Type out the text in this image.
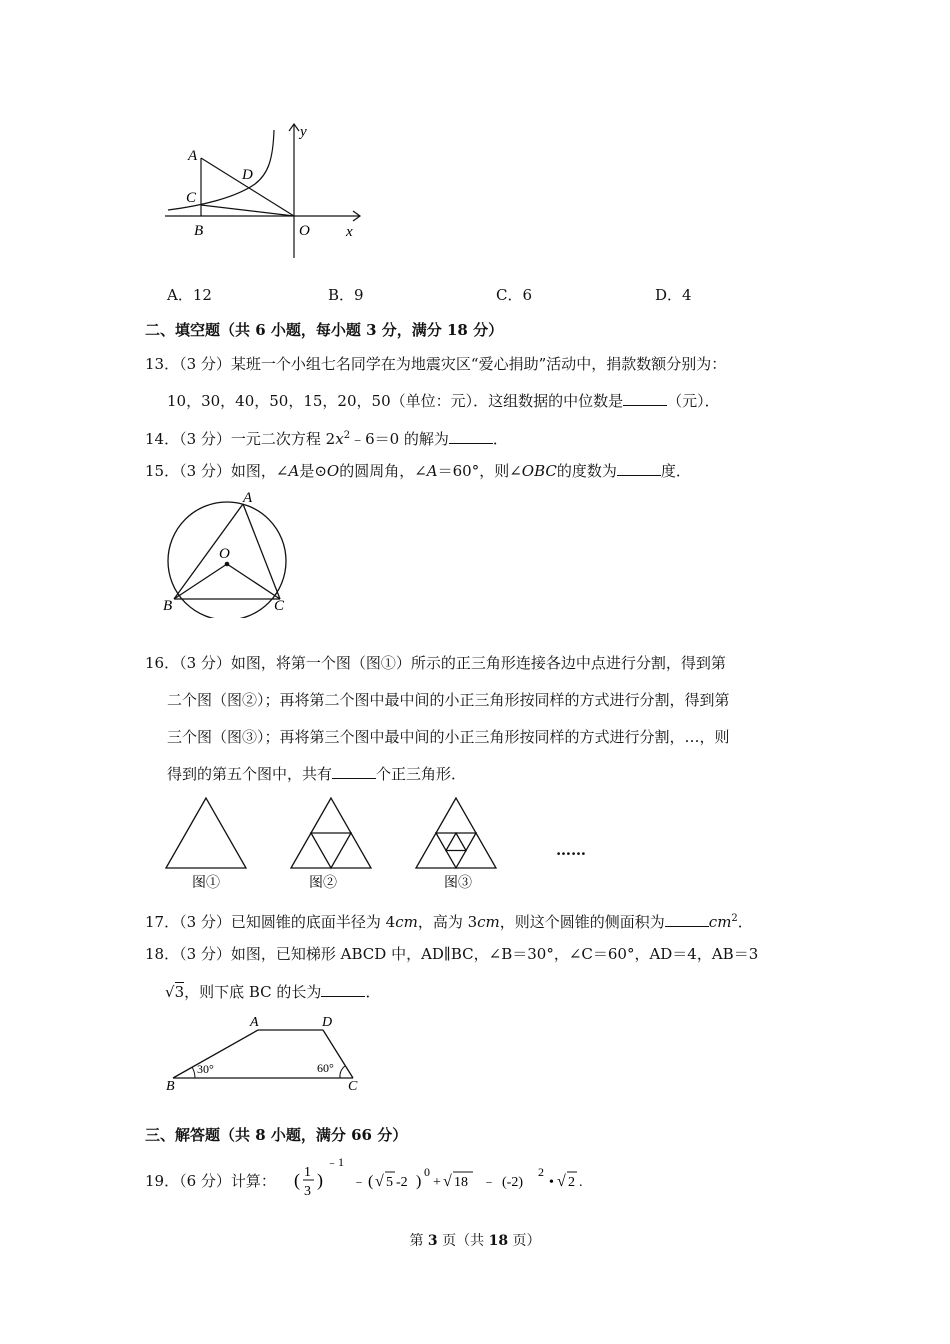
y
x
A
C
D
B	O
A．12	B．9	C．6	D．4
二、填空题（共 6 小题，每小题 3 分，满分 18 分）
13．（3 分）某班一个小组七名同学在为地震灾区“爱心捐助”活动中，捐款数额分别为：
10，30，40，50，15，20，50（单位：元）．这组数据的中位数是	（元）．
14．（3 分）一元二次方程 $2x^2﹣6=0$ 的解为	．
15．（3 分）如图，∠A是⊙O的圆周角，∠A＝60°，则∠OBC的度数为	度．
A
O
B	C
16．（3 分）如图，将第一个图（图①）所示的正三角形连接各边中点进行分割，得到第
二个图（图②）；再将第二个图中最中间的小正三角形按同样的方式进行分割，得到第
三个图（图③）；再将第三个图中最中间的小正三角形按同样的方式进行分割，…，则
得到的第五个图中，共有	个正三角形．
图①	图②	图③
……
17．（3 分）已知圆锥的底面半径为 4cm，高为 3cm，则这个圆锥的侧面积为	$cm^2$．
18．（3 分）如图，已知梯形 ABCD 中，AD∥BC，∠B＝30°，∠C＝60°，AD＝4，AB＝3
√3，则下底 BC 的长为	．
A	D
B	C
30°	60°
三、解答题（共 8 小题，满分 66 分）
19．（6 分）计算： ( 1
3
)
﹣1
﹣ ( √ 5 -2 )
0
+ √ 18 ﹣ (-2)
2
• √ 2 .
第 3 页（共 18 页）
